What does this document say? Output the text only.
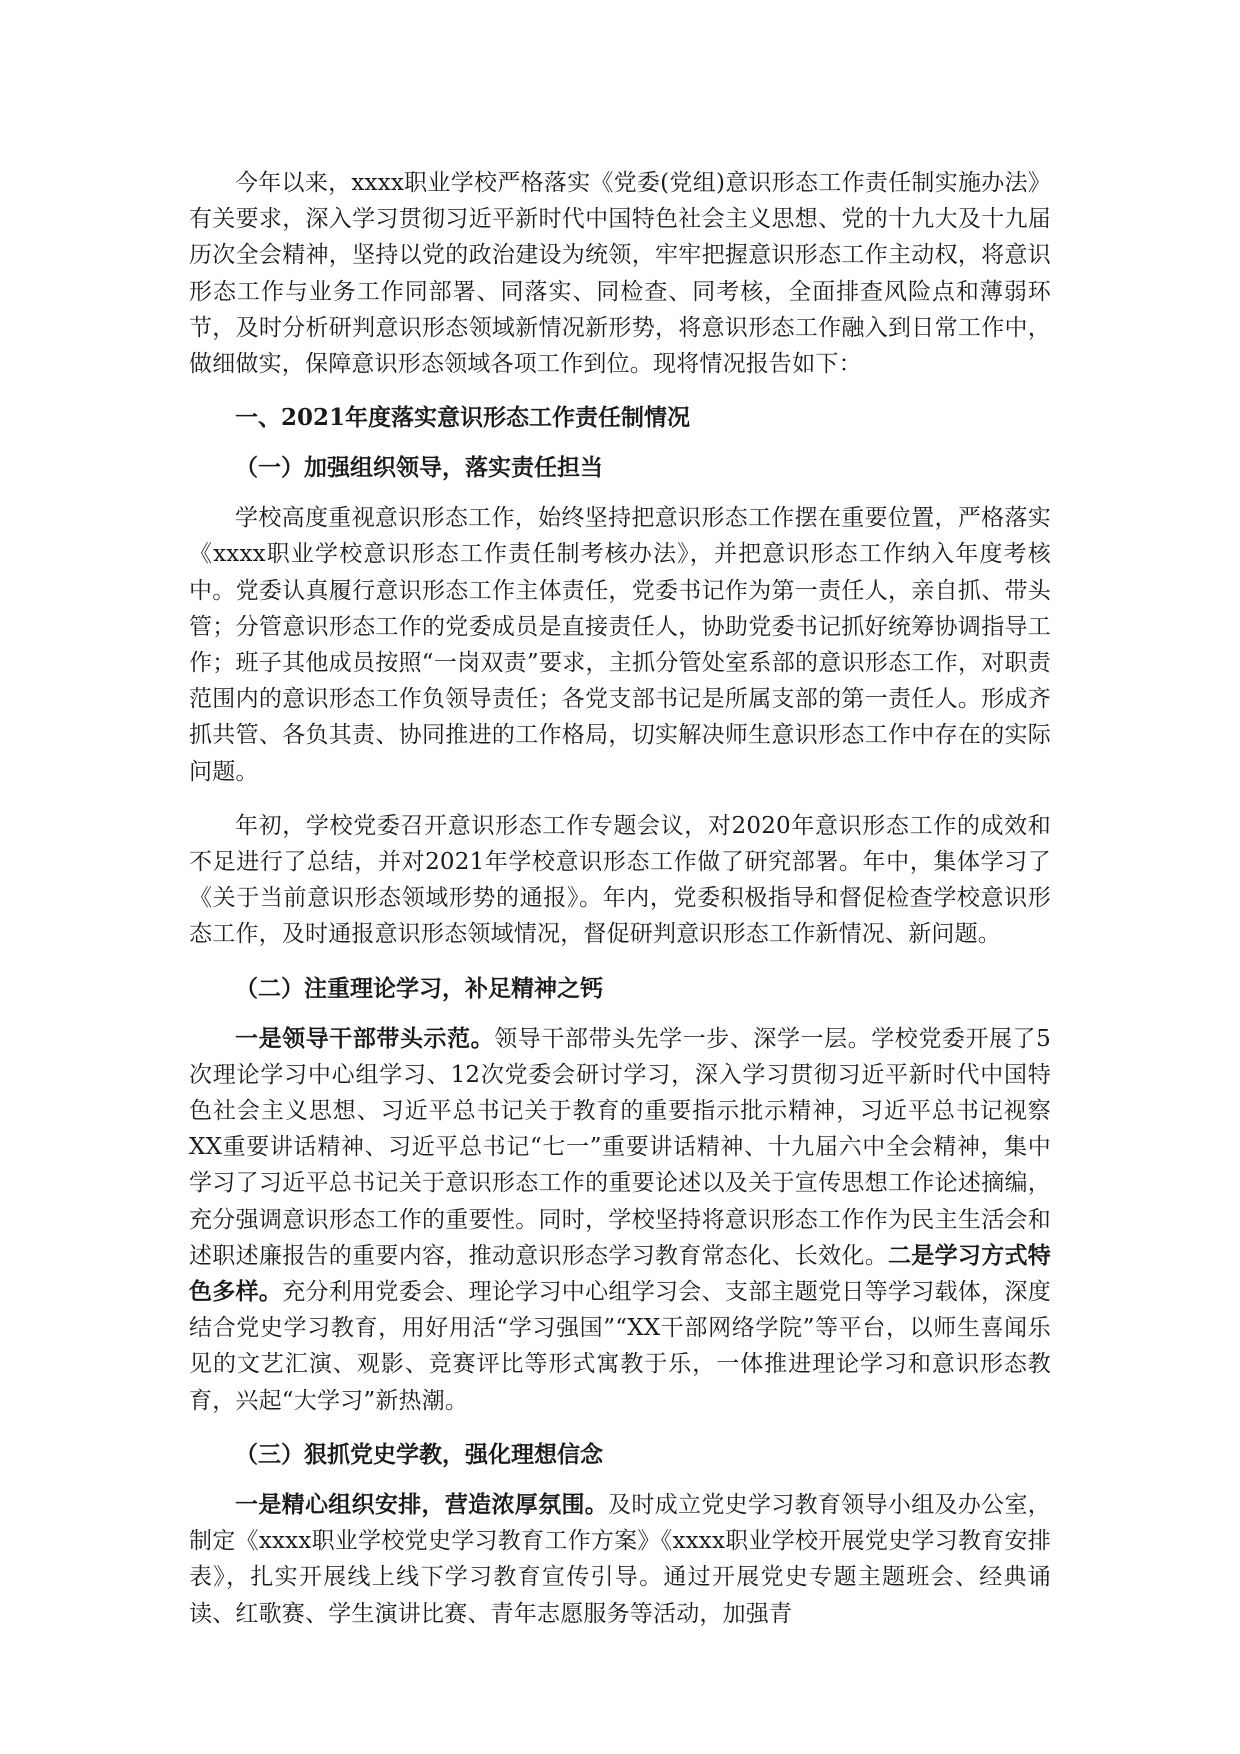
今年以来，xxxx职业学校严格落实《党委(党组)意识形态工作责任制实施办法》有关要求，深入学习贯彻习近平新时代中国特色社会主义思想、党的十九大及十九届历次全会精神，坚持以党的政治建设为统领，牢牢把握意识形态工作主动权，将意识形态工作与业务工作同部署、同落实、同检查、同考核，全面排查风险点和薄弱环节，及时分析研判意识形态领域新情况新形势，将意识形态工作融入到日常工作中，做细做实，保障意识形态领域各项工作到位。现将情况报告如下：

一、2021年度落实意识形态工作责任制情况

（一）加强组织领导，落实责任担当

学校高度重视意识形态工作，始终坚持把意识形态工作摆在重要位置，严格落实《xxxx职业学校意识形态工作责任制考核办法》，并把意识形态工作纳入年度考核中。党委认真履行意识形态工作主体责任，党委书记作为第一责任人，亲自抓、带头管；分管意识形态工作的党委成员是直接责任人，协助党委书记抓好统筹协调指导工作；班子其他成员按照“一岗双责”要求，主抓分管处室系部的意识形态工作，对职责范围内的意识形态工作负领导责任；各党支部书记是所属支部的第一责任人。形成齐抓共管、各负其责、协同推进的工作格局，切实解决师生意识形态工作中存在的实际问题。

年初，学校党委召开意识形态工作专题会议，对2020年意识形态工作的成效和不足进行了总结，并对2021年学校意识形态工作做了研究部署。年中，集体学习了《关于当前意识形态领域形势的通报》。年内，党委积极指导和督促检查学校意识形态工作，及时通报意识形态领域情况，督促研判意识形态工作新情况、新问题。

（二）注重理论学习，补足精神之钙

一是领导干部带头示范。领导干部带头先学一步、深学一层。学校党委开展了5次理论学习中心组学习、12次党委会研讨学习，深入学习贯彻习近平新时代中国特色社会主义思想、习近平总书记关于教育的重要指示批示精神，习近平总书记视察XX重要讲话精神、习近平总书记“七一”重要讲话精神、十九届六中全会精神，集中学习了习近平总书记关于意识形态工作的重要论述以及关于宣传思想工作论述摘编，充分强调意识形态工作的重要性。同时，学校坚持将意识形态工作作为民主生活会和述职述廉报告的重要内容，推动意识形态学习教育常态化、长效化。二是学习方式特色多样。充分利用党委会、理论学习中心组学习会、支部主题党日等学习载体，深度结合党史学习教育，用好用活“学习强国”“XX干部网络学院”等平台，以师生喜闻乐见的文艺汇演、观影、竞赛评比等形式寓教于乐，一体推进理论学习和意识形态教育，兴起“大学习”新热潮。

（三）狠抓党史学教，强化理想信念

一是精心组织安排，营造浓厚氛围。及时成立党史学习教育领导小组及办公室，制定《xxxx职业学校党史学习教育工作方案》《xxxx职业学校开展党史学习教育安排表》，扎实开展线上线下学习教育宣传引导。通过开展党史专题主题班会、经典诵读、红歌赛、学生演讲比赛、青年志愿服务等活动，加强青
